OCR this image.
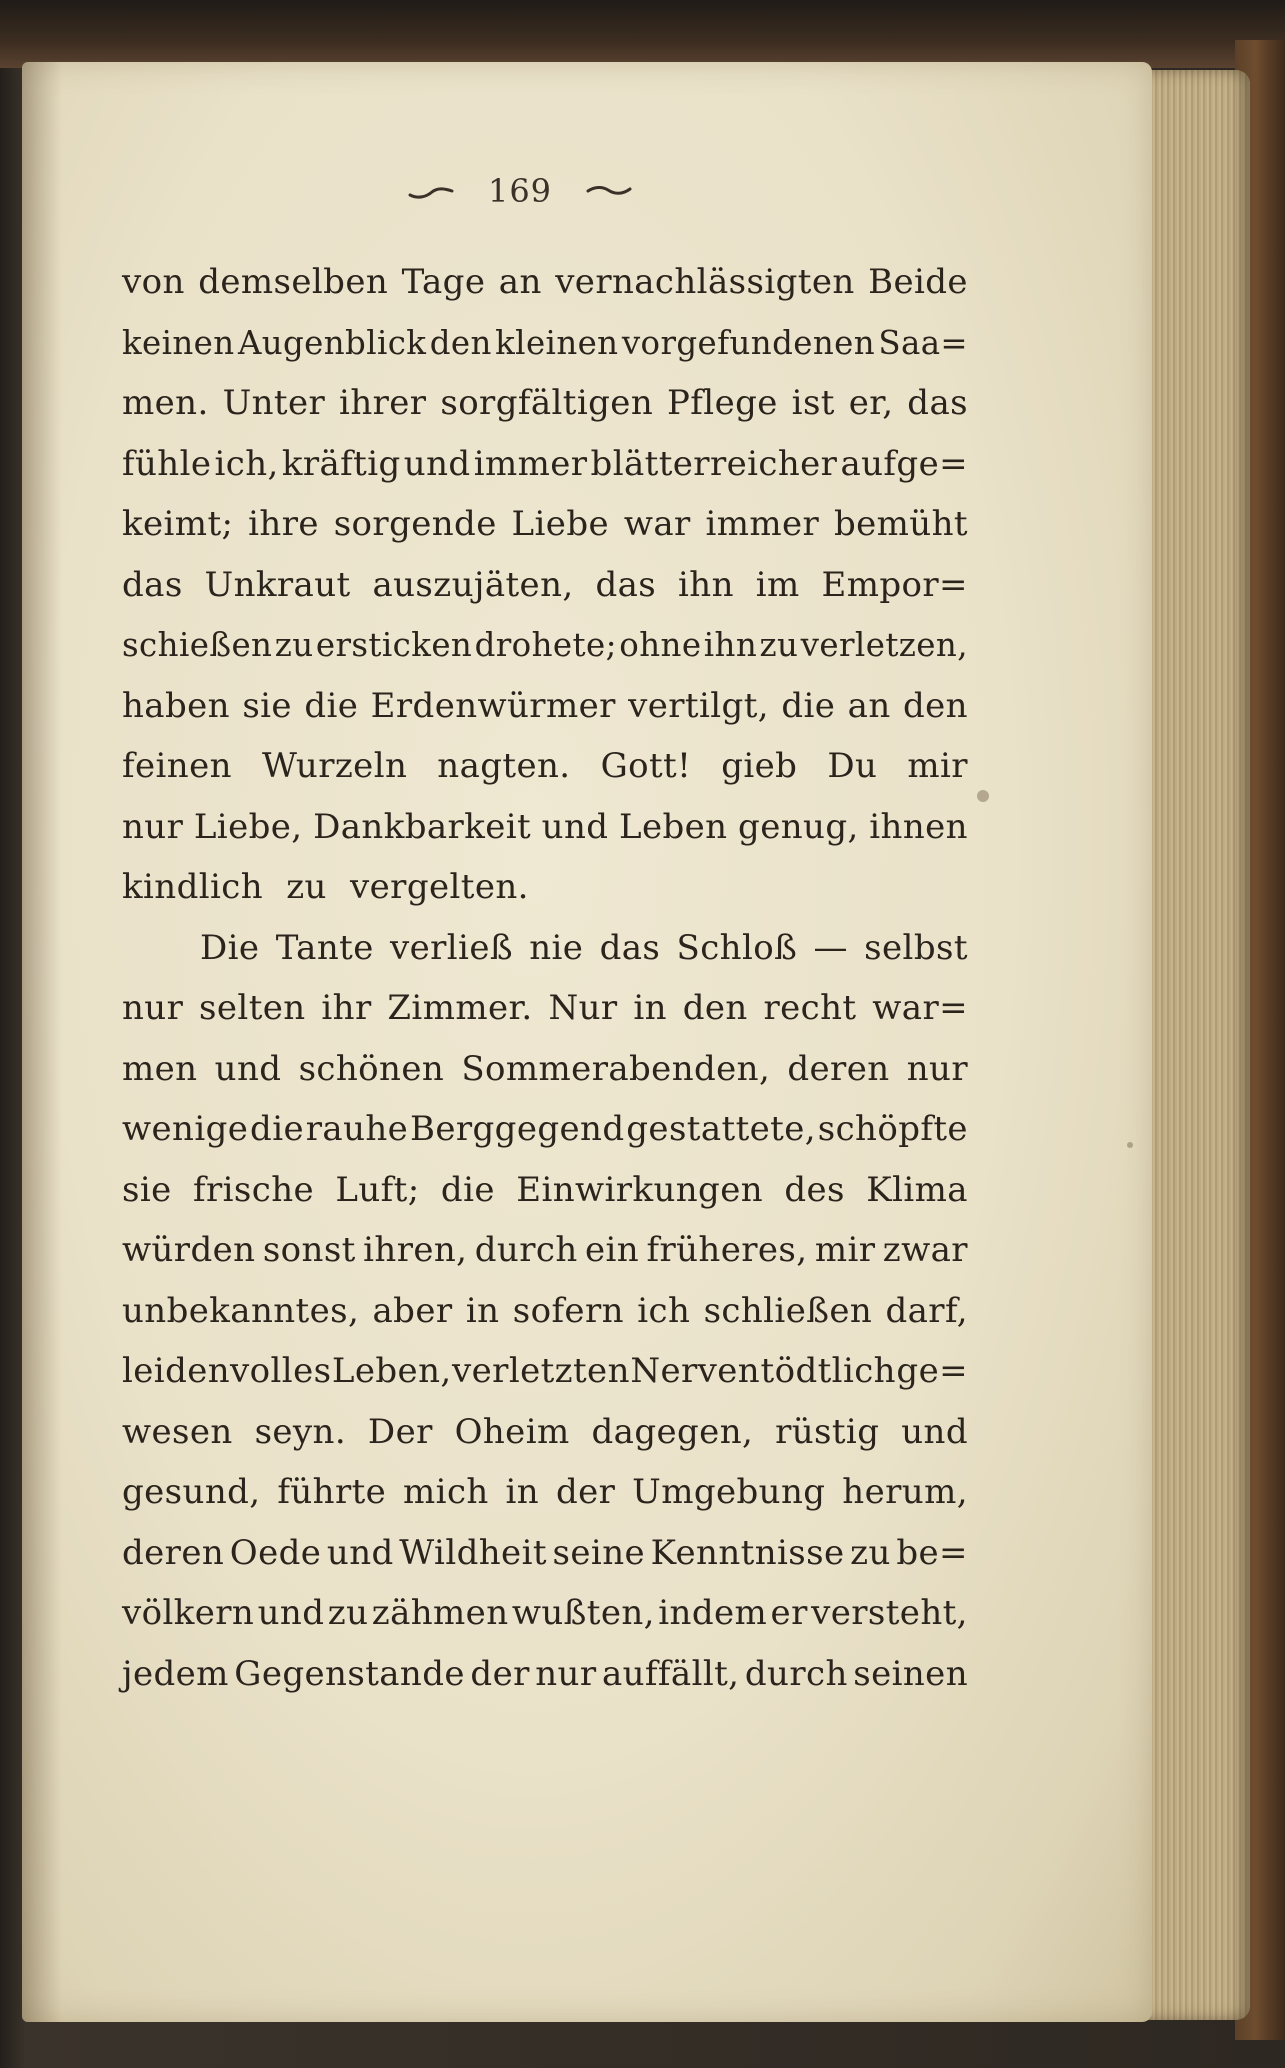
169
von demselben Tage an vernachlässigten Beide
keinen Augenblick den kleinen vorgefundenen Saa=
men. Unter ihrer sorgfältigen Pflege ist er, das
fühle ich, kräftig und immer blätterreicher aufge=
keimt; ihre sorgende Liebe war immer bemüht
das Unkraut auszujäten, das ihn im Empor=
schießen zu ersticken drohete; ohne ihn zu verletzen,
haben sie die Erdenwürmer vertilgt, die an den
feinen Wurzeln nagten. Gott! gieb Du mir
nur Liebe, Dankbarkeit und Leben genug, ihnen
kindlich zu vergelten.
Die Tante verließ nie das Schloß — selbst
nur selten ihr Zimmer. Nur in den recht war=
men und schönen Sommerabenden, deren nur
wenige die rauhe Berggegend gestattete, schöpfte
sie frische Luft; die Einwirkungen des Klima
würden sonst ihren, durch ein früheres, mir zwar
unbekanntes, aber in sofern ich schließen darf,
leidenvolles Leben, verletzten Nerven tödtlich ge=
wesen seyn. Der Oheim dagegen, rüstig und
gesund, führte mich in der Umgebung herum,
deren Oede und Wildheit seine Kenntnisse zu be=
völkern und zu zähmen wußten, indem er versteht,
jedem Gegenstande der nur auffällt, durch seinen
